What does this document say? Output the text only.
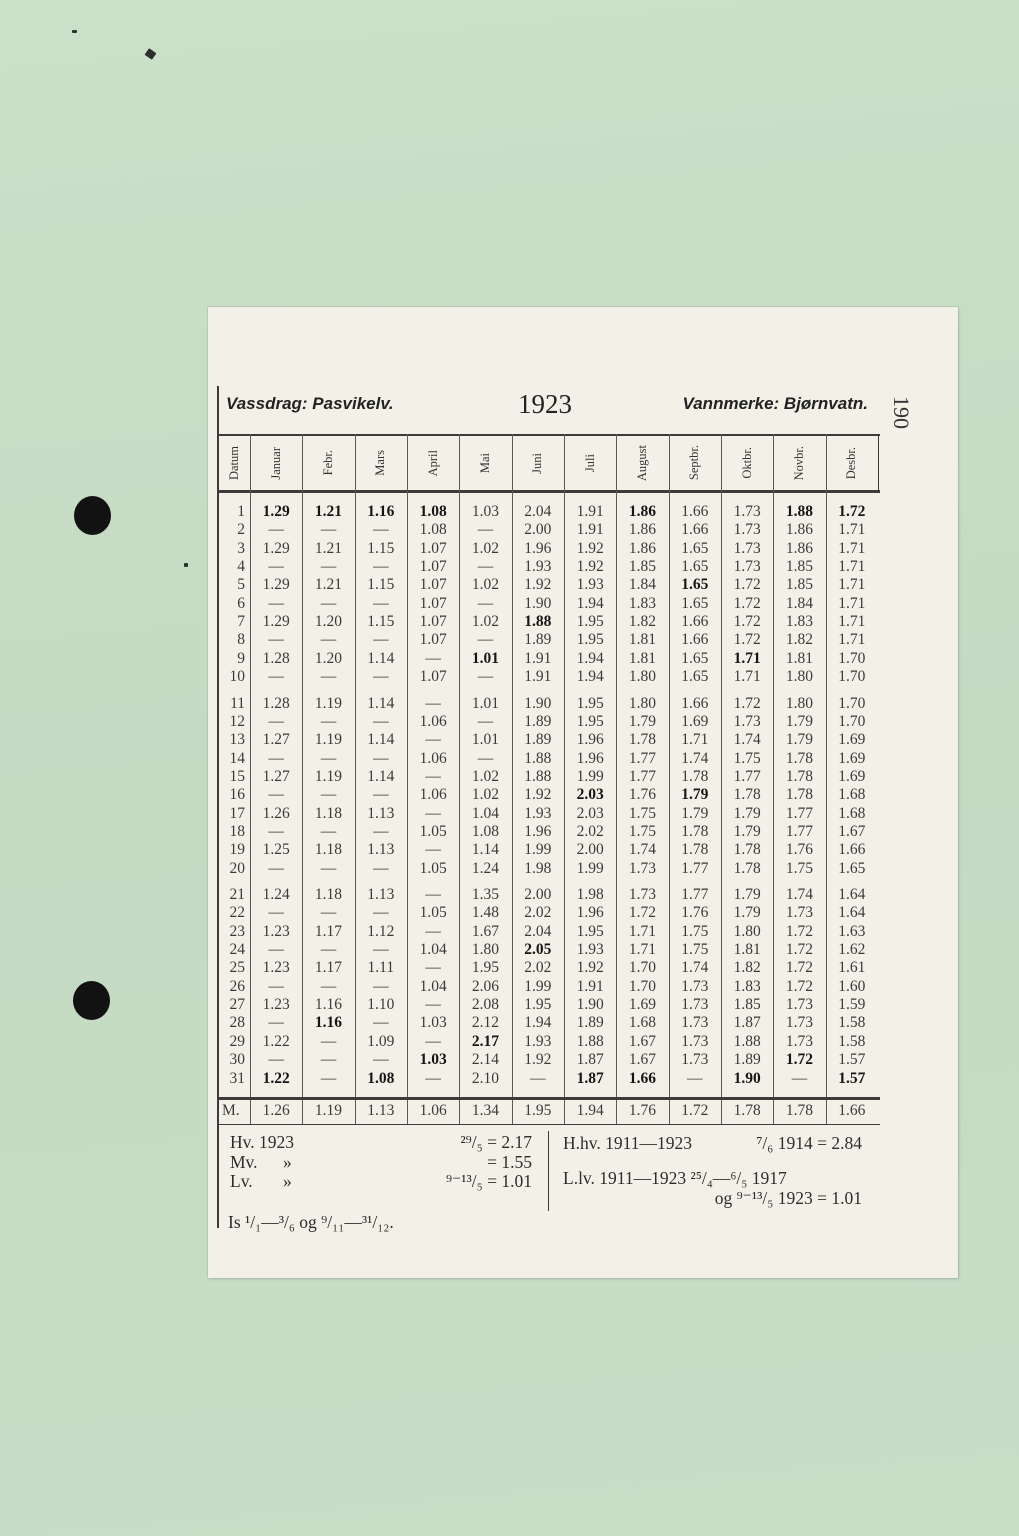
Vassdrag: Pasvikelv.	1923	Vannmerke: Bjørnvatn. 190
Datum Januar	Febr.	Mars	April	Mai	Juni	Juli	August	Septbr.	Oktbr.	Novbr.	Desbr.
1	1.29	1.21	1.16	1.08	1.03	2.04	1.91	1.86	1.66	1.73	1.88	1.72
2	—	—	—	1.08	—	2.00	1.91	1.86	1.66	1.73	1.86	1.71
3	1.29	1.21	1.15	1.07	1.02	1.96	1.92	1.86	1.65	1.73	1.86	1.71
4	—	—	—	1.07	—	1.93	1.92	1.85	1.65	1.73	1.85	1.71
5	1.29	1.21	1.15	1.07	1.02	1.92	1.93	1.84	1.65	1.72	1.85	1.71
6	—	—	—	1.07	—	1.90	1.94	1.83	1.65	1.72	1.84	1.71
7	1.29	1.20	1.15	1.07	1.02	1.88	1.95	1.82	1.66	1.72	1.83	1.71
8	—	—	—	1.07	—	1.89	1.95	1.81	1.66	1.72	1.82	1.71
9	1.28	1.20	1.14	—	1.01	1.91	1.94	1.81	1.65	1.71	1.81	1.70
10	—	—	—	1.07	—	1.91	1.94	1.80	1.65	1.71	1.80	1.70
11	1.28	1.19	1.14	—	1.01	1.90	1.95	1.80	1.66	1.72	1.80	1.70
12	—	—	—	1.06	—	1.89	1.95	1.79	1.69	1.73	1.79	1.70
13	1.27	1.19	1.14	—	1.01	1.89	1.96	1.78	1.71	1.74	1.79	1.69
14	—	—	—	1.06	—	1.88	1.96	1.77	1.74	1.75	1.78	1.69
15	1.27	1.19	1.14	—	1.02	1.88	1.99	1.77	1.78	1.77	1.78	1.69
16	—	—	—	1.06	1.02	1.92	2.03	1.76	1.79	1.78	1.78	1.68
17	1.26	1.18	1.13	—	1.04	1.93	2.03	1.75	1.79	1.79	1.77	1.68
18	—	—	—	1.05	1.08	1.96	2.02	1.75	1.78	1.79	1.77	1.67
19	1.25	1.18	1.13	—	1.14	1.99	2.00	1.74	1.78	1.78	1.76	1.66
20	—	—	—	1.05	1.24	1.98	1.99	1.73	1.77	1.78	1.75	1.65
21	1.24	1.18	1.13	—	1.35	2.00	1.98	1.73	1.77	1.79	1.74	1.64
22	—	—	—	1.05	1.48	2.02	1.96	1.72	1.76	1.79	1.73	1.64
23	1.23	1.17	1.12	—	1.67	2.04	1.95	1.71	1.75	1.80	1.72	1.63
24	—	—	—	1.04	1.80	2.05	1.93	1.71	1.75	1.81	1.72	1.62
25	1.23	1.17	1.11	—	1.95	2.02	1.92	1.70	1.74	1.82	1.72	1.61
26	—	—	—	1.04	2.06	1.99	1.91	1.70	1.73	1.83	1.72	1.60
27	1.23	1.16	1.10	—	2.08	1.95	1.90	1.69	1.73	1.85	1.73	1.59
28	—	1.16	—	1.03	2.12	1.94	1.89	1.68	1.73	1.87	1.73	1.58
29	1.22	—	1.09	—	2.17	1.93	1.88	1.67	1.73	1.88	1.73	1.58
30	—	—	—	1.03	2.14	1.92	1.87	1.67	1.73	1.89	1.72	1.57
31	1.22	—	1.08	—	2.10	—	1.87	1.66	—	1.90	—	1.57
M.	1.26	1.19	1.13	1.06	1.34	1.95	1.94	1.76	1.72	1.78	1.78	1.66
Hv. 1923	²⁹/₅ = 2.17
Mv. »	= 1.55
Lv. »	⁹⁻¹³/₅ = 1.01
H.hv. 1911—1923	⁷/₆ 1914 = 2.84
L.lv. 1911—1923 ²⁵/₄—⁶/₅ 1917
og ⁹⁻¹³/₅ 1923 = 1.01
Is ¹/₁—³/₆ og ⁹/₁₁—³¹/₁₂.
